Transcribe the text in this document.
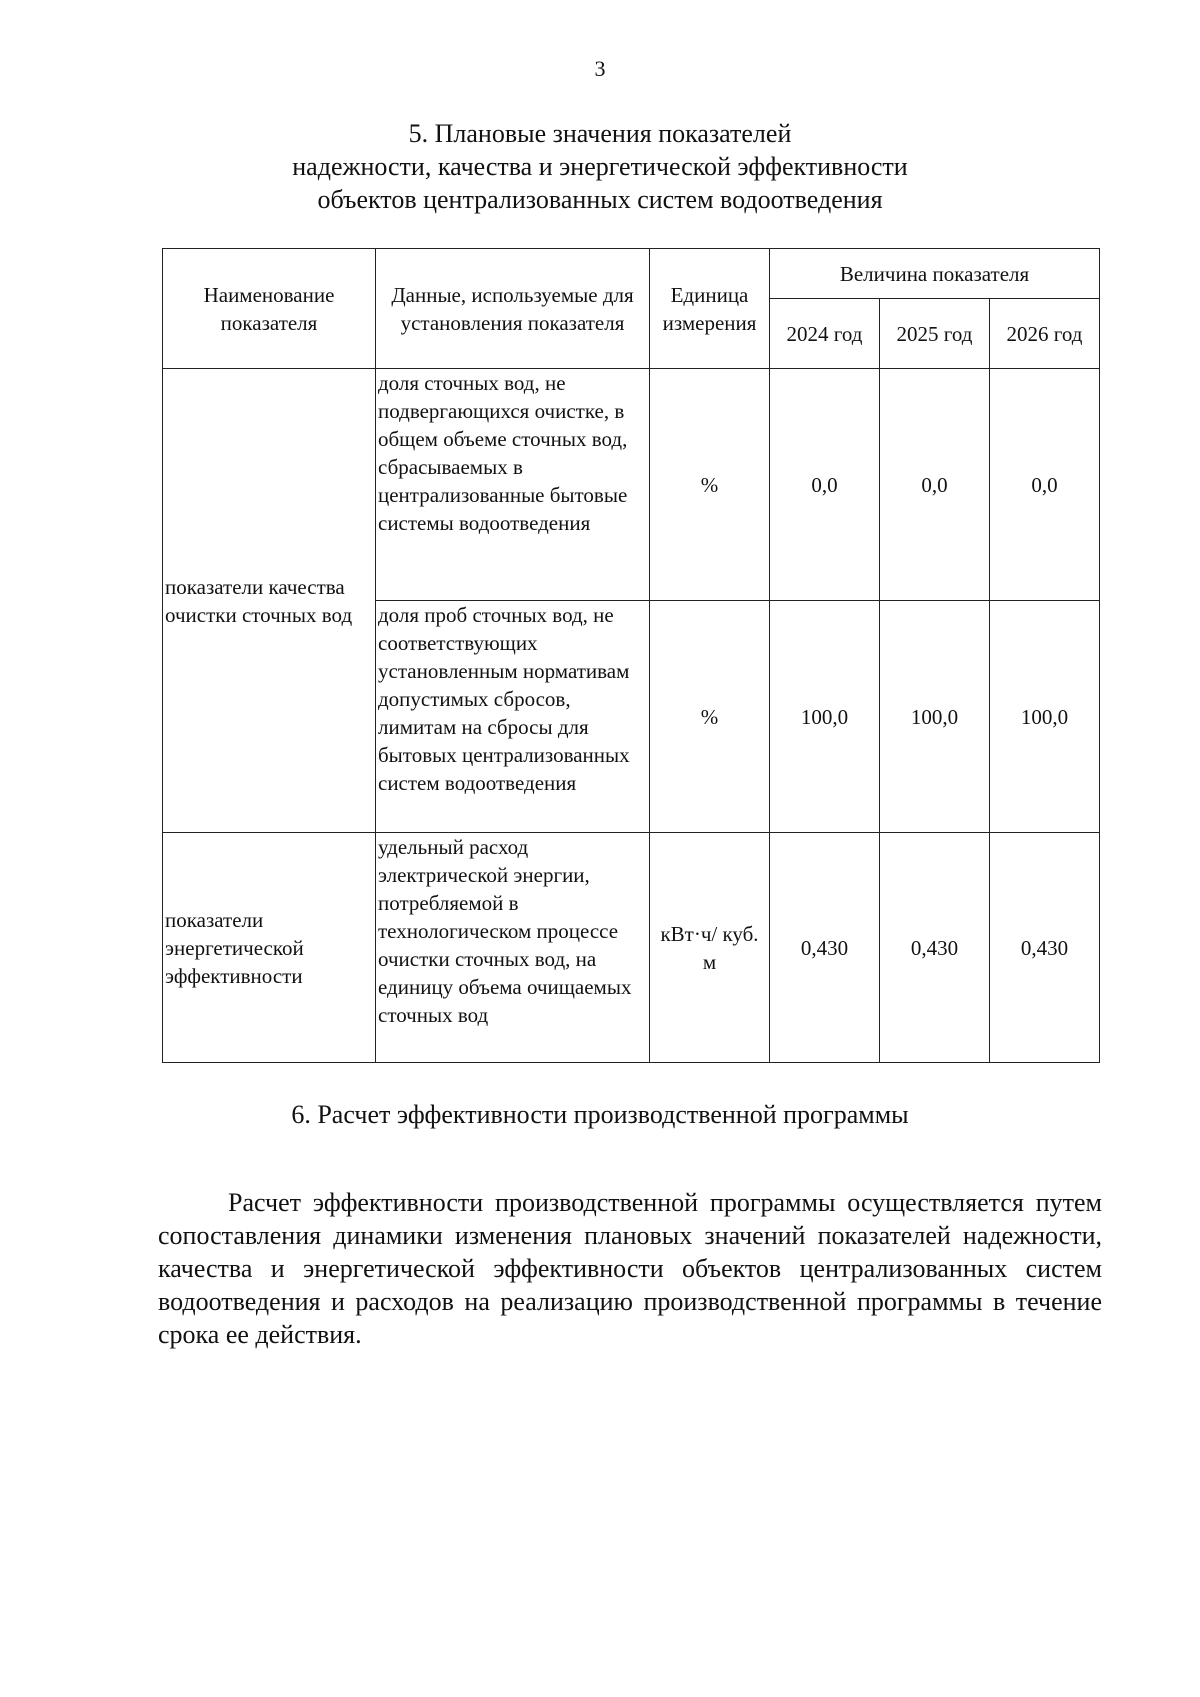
3
5. Плановые значения показателей
надежности, качества и энергетической эффективности
объектов централизованных систем водоотведения
Наименование показателя	Данные, используемые для установления показателя	Единица измерения	Величина показателя		
			2024 год	2025 год	2026 год
показатели качества очистки сточных вод	доля сточных вод, не подвергающихся очистке, в общем объеме сточных вод, сбрасываемых в централизованные бытовые системы водоотведения	%	0,0	0,0	0,0
	доля проб сточных вод, не соответствующих установленным нормативам допустимых сбросов, лимитам на сбросы для бытовых централизованных систем водоотведения	%	100,0	100,0	100,0
показатели энергетической эффективности	удельный расход электрической энергии, потребляемой в технологическом процессе очистки сточных вод, на единицу объема очищаемых сточных вод	кВт·ч/ куб. м	0,430	0,430	0,430
6. Расчет эффективности производственной программы

Расчет эффективности производственной программы осуществляется путем сопоставления динамики изменения плановых значений показателей надежности, качества и энергетической эффективности объектов централизованных систем водоотведения и расходов на реализацию производственной программы в течение срока ее действия.
